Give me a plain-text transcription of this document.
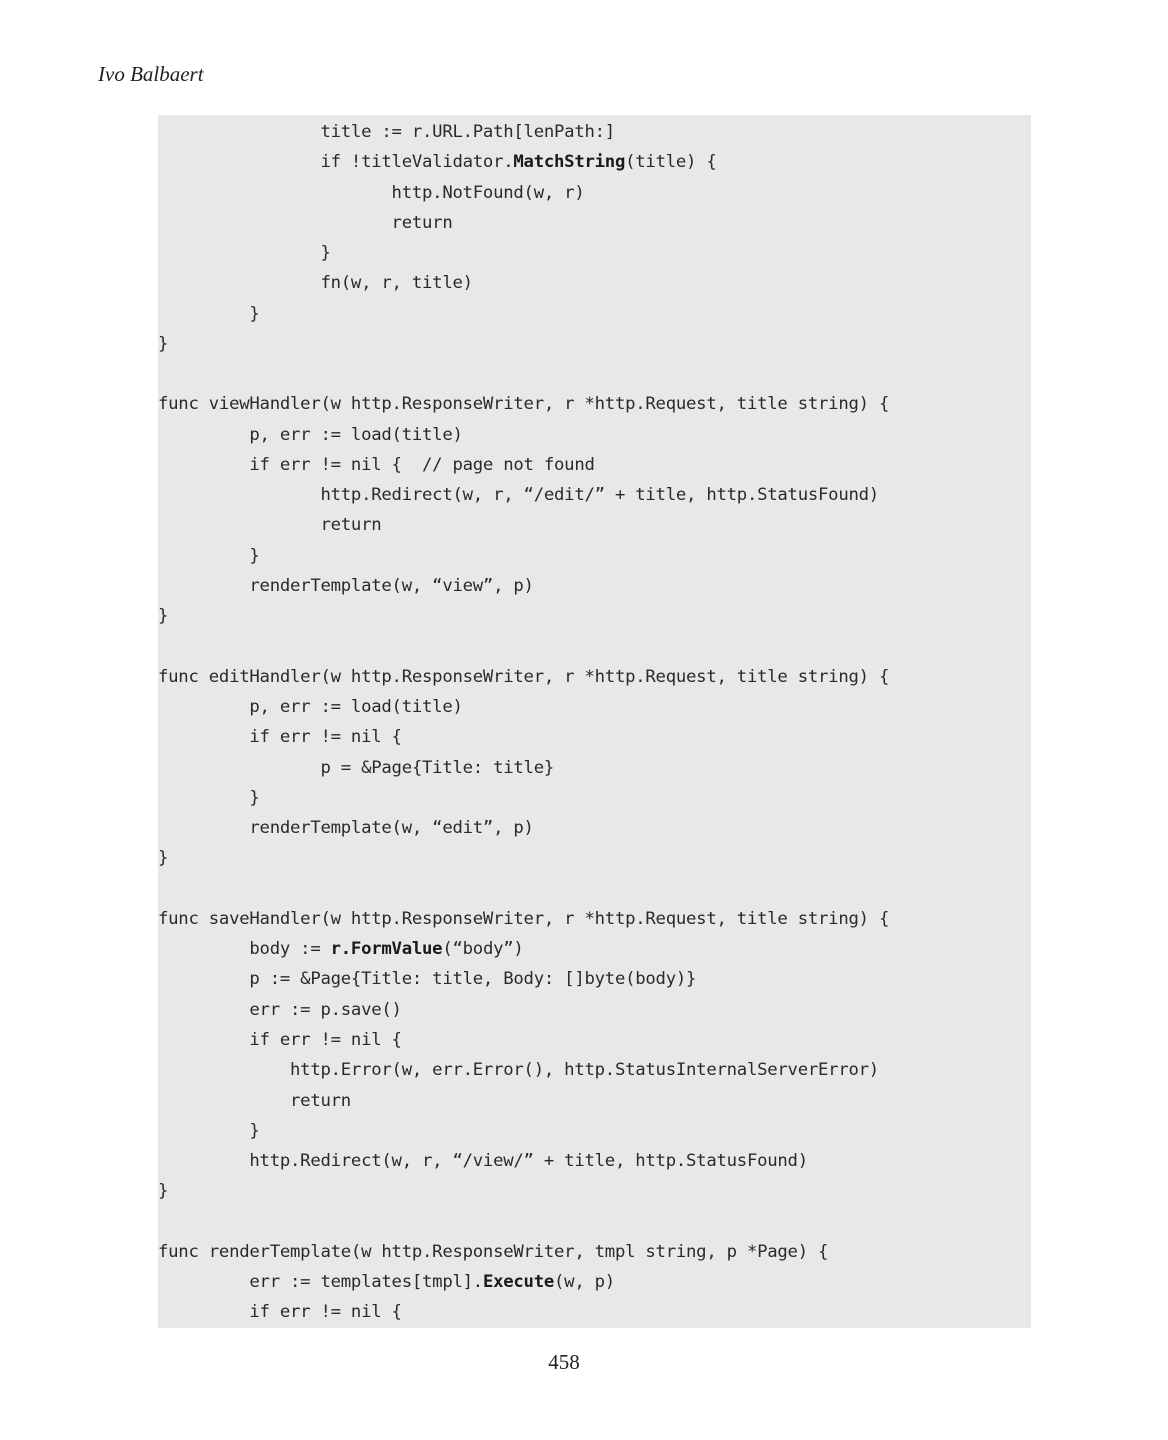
Ivo Balbaert

title := r.URL.Path[lenPath:]
if !titleValidator.MatchString(title) {
http.NotFound(w, r)
return
}
fn(w, r, title)
}
}
func viewHandler(w http.ResponseWriter, r *http.Request, title string) {
p, err := load(title)
if err != nil {  // page not found
http.Redirect(w, r, “/edit/” + title, http.StatusFound)
return
}
renderTemplate(w, “view”, p)
}
func editHandler(w http.ResponseWriter, r *http.Request, title string) {
p, err := load(title)
if err != nil {
p = &Page{Title: title}
}
renderTemplate(w, “edit”, p)
}
func saveHandler(w http.ResponseWriter, r *http.Request, title string) {
body := r.FormValue(“body”)
p := &Page{Title: title, Body: []byte(body)}
err := p.save()
if err != nil {
http.Error(w, err.Error(), http.StatusInternalServerError)
return
}
http.Redirect(w, r, “/view/” + title, http.StatusFound)
}
func renderTemplate(w http.ResponseWriter, tmpl string, p *Page) {
err := templates[tmpl].Execute(w, p)
if err != nil {

458
